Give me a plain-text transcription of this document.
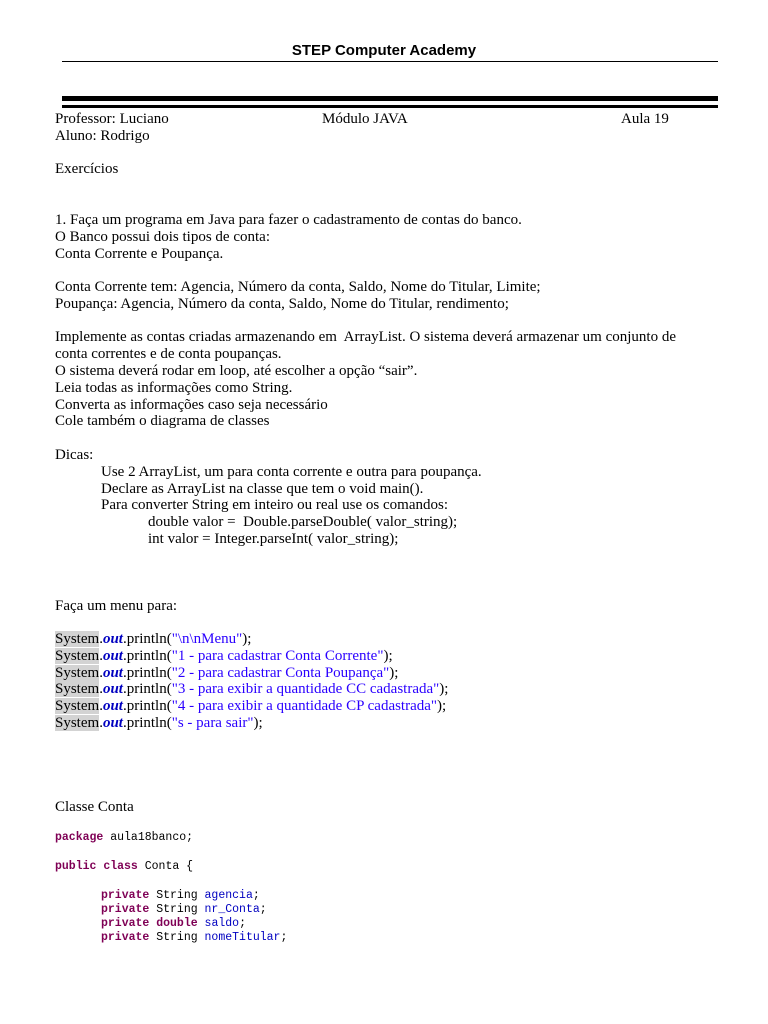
STEP Computer Academy
Professor: Luciano	Módulo JAVA	Aula 19
Aluno: Rodrigo
Exercícios
1. Faça um programa em Java para fazer o cadastramento de contas do banco.
O Banco possui dois tipos de conta:
Conta Corrente e Poupança.
Conta Corrente tem: Agencia, Número da conta, Saldo, Nome do Titular, Limite;
Poupança: Agencia, Número da conta, Saldo, Nome do Titular, rendimento;
Implemente as contas criadas armazenando em  ArrayList. O sistema deverá armazenar um conjunto de
conta correntes e de conta poupanças.
O sistema deverá rodar em loop, até escolher a opção “sair”.
Leia todas as informações como String.
Converta as informações caso seja necessário
Cole também o diagrama de classes
Dicas:
Use 2 ArrayList, um para conta corrente e outra para poupança.
Declare as ArrayList na classe que tem o void main().
Para converter String em inteiro ou real use os comandos:
double valor =  Double.parseDouble( valor_string);
int valor = Integer.parseInt( valor_string);
Faça um menu para:
System.out.println("\n\nMenu");
System.out.println("1 - para cadastrar Conta Corrente");
System.out.println("2 - para cadastrar Conta Poupança");
System.out.println("3 - para exibir a quantidade CC cadastrada");
System.out.println("4 - para exibir a quantidade CP cadastrada");
System.out.println("s - para sair");
Classe Conta
package aula18banco;
public class Conta {
private String agencia;
private String nr_Conta;
private double saldo;
private String nomeTitular;
